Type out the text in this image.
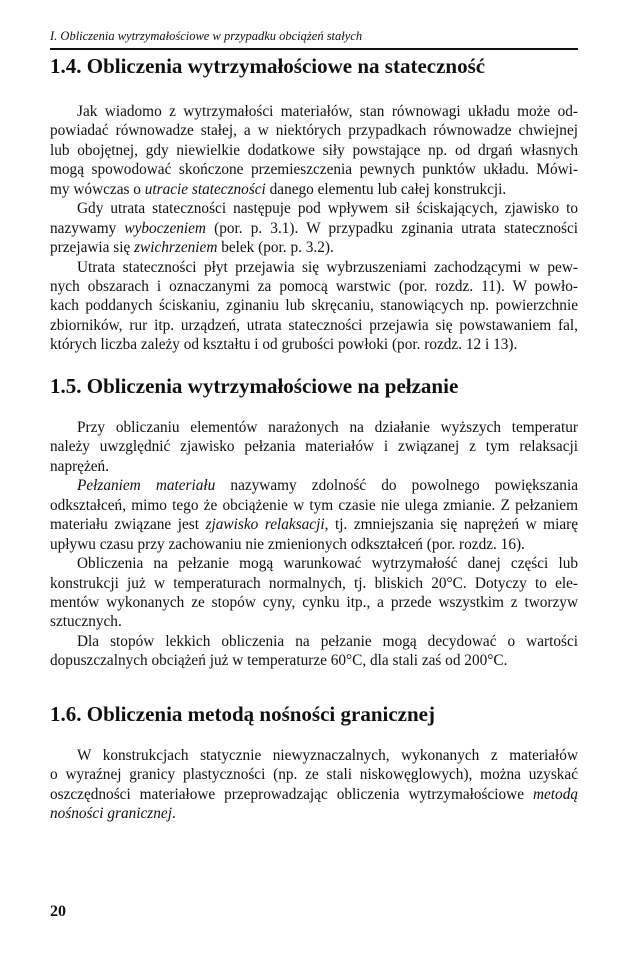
I. Obliczenia wytrzymałościowe w przypadku obciążeń stałych
1.4. Obliczenia wytrzymałościowe na stateczność
Jak wiadomo z wytrzymałości materiałów, stan równowagi układu może od-
powiadać równowadze stałej, a w niektórych przypadkach równowadze chwiejnej
lub obojętnej, gdy niewielkie dodatkowe siły powstające np. od drgań własnych
mogą spowodować skończone przemieszczenia pewnych punktów układu. Mówi-
my wówczas o utracie stateczności danego elementu lub całej konstrukcji.
Gdy utrata stateczności następuje pod wpływem sił ściskających, zjawisko to
nazywamy wyboczeniem (por. p. 3.1). W przypadku zginania utrata stateczności
przejawia się zwichrzeniem belek (por. p. 3.2).
Utrata stateczności płyt przejawia się wybrzuszeniami zachodzącymi w pew-
nych obszarach i oznaczanymi za pomocą warstwic (por. rozdz. 11). W powło-
kach poddanych ściskaniu, zginaniu lub skręcaniu, stanowiących np. powierzchnie
zbiorników, rur itp. urządzeń, utrata stateczności przejawia się powstawaniem fal,
których liczba zależy od kształtu i od grubości powłoki (por. rozdz. 12 i 13).
1.5. Obliczenia wytrzymałościowe na pełzanie
Przy obliczaniu elementów narażonych na działanie wyższych temperatur
należy uwzględnić zjawisko pełzania materiałów i związanej z tym relaksacji
naprężeń.
Pełzaniem materiału nazywamy zdolność do powolnego powiększania
odkształceń, mimo tego że obciążenie w tym czasie nie ulega zmianie. Z pełzaniem
materiału związane jest zjawisko relaksacji, tj. zmniejszania się naprężeń w miarę
upływu czasu przy zachowaniu nie zmienionych odkształceń (por. rozdz. 16).
Obliczenia na pełzanie mogą warunkować wytrzymałość danej części lub
konstrukcji już w temperaturach normalnych, tj. bliskich 20°C. Dotyczy to ele-
mentów wykonanych ze stopów cyny, cynku itp., a przede wszystkim z tworzyw
sztucznych.
Dla stopów lekkich obliczenia na pełzanie mogą decydować o wartości
dopuszczalnych obciążeń już w temperaturze 60°C, dla stali zaś od 200°C.
1.6. Obliczenia metodą nośności granicznej
W konstrukcjach statycznie niewyznaczalnych, wykonanych z materiałów
o wyraźnej granicy plastyczności (np. ze stali niskowęglowych), można uzyskać
oszczędności materiałowe przeprowadzając obliczenia wytrzymałościowe metodą
nośności granicznej.
20
